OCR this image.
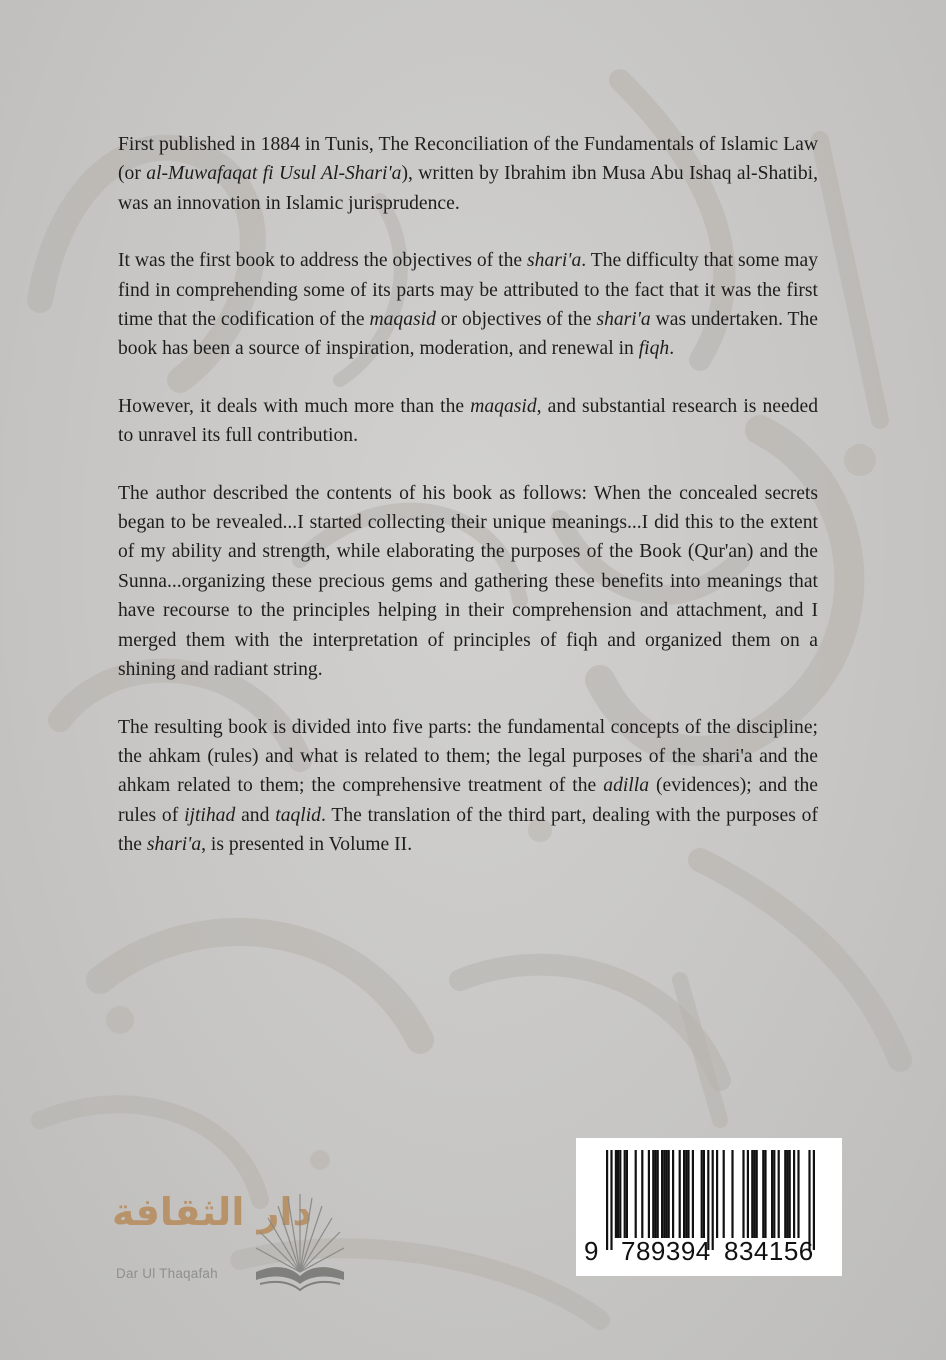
First published in 1884 in Tunis, The Reconciliation of the Fundamentals of Islamic Law (or al-Muwafaqat fi Usul Al-Shari'a), written by Ibrahim ibn Musa Abu Ishaq al-Shatibi, was an innovation in Islamic jurisprudence.

It was the first book to address the objectives of the shari'a. The difficulty that some may find in comprehending some of its parts may be attributed to the fact that it was the first time that the codification of the maqasid or objectives of the shari'a was undertaken. The book has been a source of inspiration, moderation, and renewal in fiqh.

However, it deals with much more than the maqasid, and substantial research is needed to unravel its full contribution.

The author described the contents of his book as follows: When the concealed secrets began to be revealed...I started collecting their unique meanings...I did this to the extent of my ability and strength, while elaborating the purposes of the Book (Qur'an) and the Sunna...organizing these precious gems and gathering these benefits into meanings that have recourse to the principles helping in their comprehension and attachment, and I merged them with the interpretation of principles of fiqh and organized them on a shining and radiant string.

The resulting book is divided into five parts: the fundamental concepts of the discipline; the ahkam (rules) and what is related to them; the legal purposes of the shari'a and the ahkam related to them; the comprehensive treatment of the adilla (evidences); and the rules of ijtihad and taqlid. The translation of the third part, dealing with the purposes of the shari'a, is presented in Volume II.

دار الثقافة
Dar Ul Thaqafah
9 789394 834156
